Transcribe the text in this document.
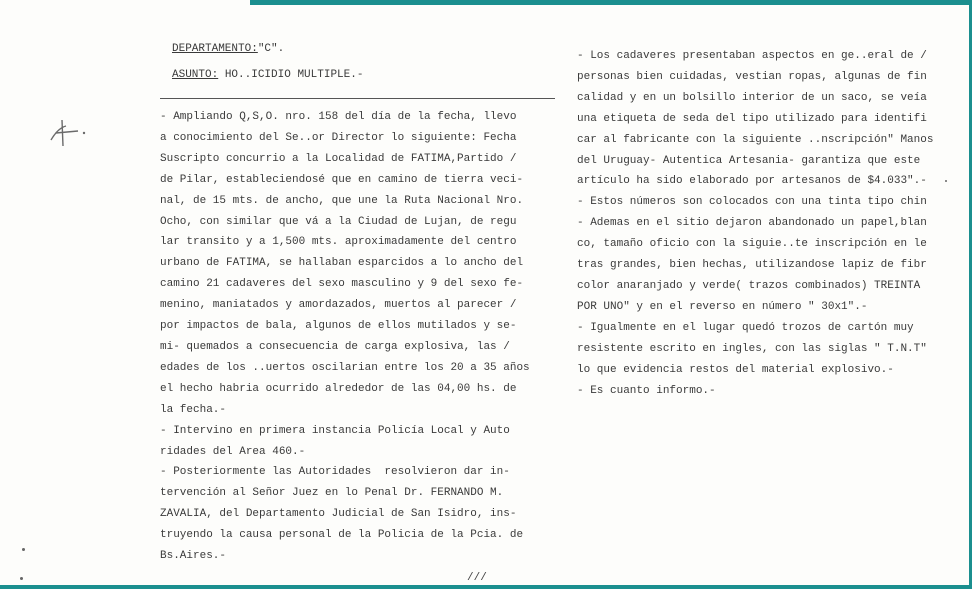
DEPARTAMENTO:"C".
ASUNTO: HO..ICIDIO MULTIPLE.-
- Ampliando Q,S,O. nro. 158 del día de la fecha, llevo
a conocimiento del Se..or Director lo siguiente: Fecha
Suscripto concurrio a la Localidad de FATIMA,Partido /
de Pilar, estableciendosé que en camino de tierra veci-
nal, de 15 mts. de ancho, que une la Ruta Nacional Nro.
Ocho, con similar que vá a la Ciudad de Lujan, de regu
lar transito y a 1,500 mts. aproximadamente del centro
urbano de FATIMA, se hallaban esparcidos a lo ancho del
camino 21 cadaveres del sexo masculino y 9 del sexo fe-
menino, maniatados y amordazados, muertos al parecer /
por impactos de bala, algunos de ellos mutilados y se-
mi- quemados a consecuencia de carga explosiva, las /
edades de los ..uertos oscilarian entre los 20 a 35 años
el hecho habria ocurrido alrededor de las 04,00 hs. de
la fecha.-
- Intervino en primera instancia Policía Local y Auto
ridades del Area 460.-
- Posteriormente las Autoridades  resolvieron dar in-
tervención al Señor Juez en lo Penal Dr. FERNANDO M.
ZAVALIA, del Departamento Judicial de San Isidro, ins-
truyendo la causa personal de la Policia de la Pcia. de
Bs.Aires.-
- Los cadaveres presentaban aspectos en ge..eral de /
personas bien cuidadas, vestian ropas, algunas de fin
calidad y en un bolsillo interior de un saco, se veía
una etiqueta de seda del tipo utilizado para identifi
car al fabricante con la siguiente ..nscripción" Manos
del Uruguay- Autentica Artesania- garantiza que este
artículo ha sido elaborado por artesanos de $4.033".-
- Estos números son colocados con una tinta tipo chin
- Ademas en el sitio dejaron abandonado un papel,blan
co, tamaño oficio con la siguie..te inscripción en le
tras grandes, bien hechas, utilizandose lapiz de fibr
color anaranjado y verde( trazos combinados) TREINTA
POR UNO" y en el reverso en número " 30x1".-
- Igualmente en el lugar quedó trozos de cartón muy
resistente escrito en ingles, con las siglas " T.N.T"
lo que evidencia restos del material explosivo.-
- Es cuanto informo.-
///
